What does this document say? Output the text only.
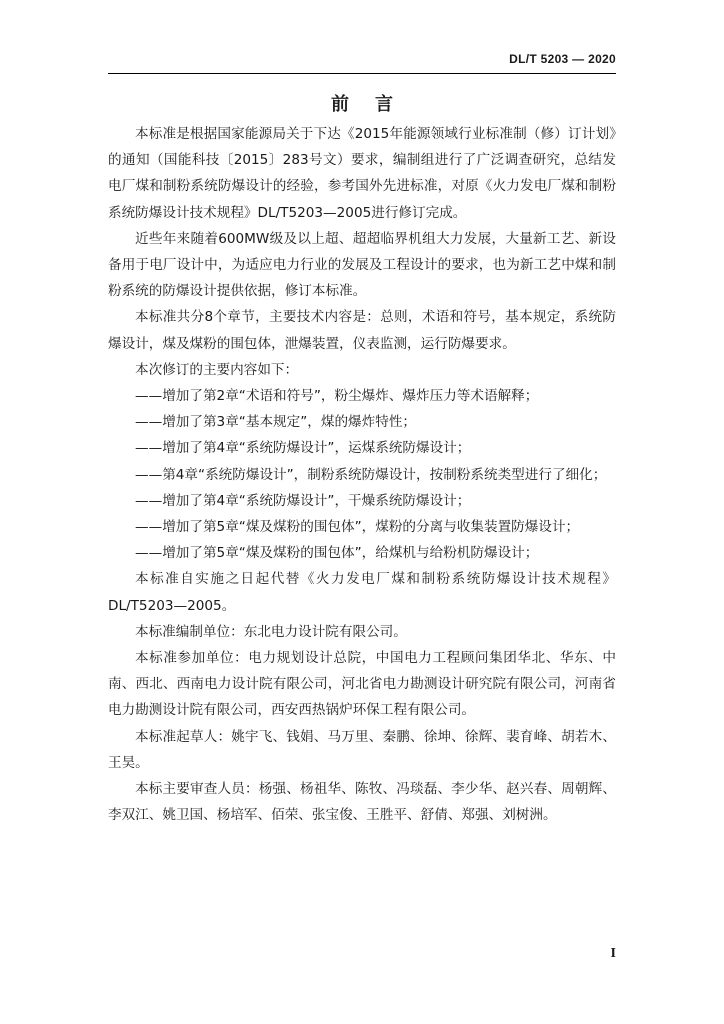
DL/T 5203 — 2020
前 言

本标准是根据国家能源局关于下达《2015年能源领域行业标准制（修）订计划》的通知（国能科技〔2015〕283号文）要求，编制组进行了广泛调查研究，总结发电厂煤和制粉系统防爆设计的经验，参考国外先进标准，对原《火力发电厂煤和制粉系统防爆设计技术规程》DL/T5203—2005进行修订完成。

近些年来随着600MW级及以上超、超超临界机组大力发展，大量新工艺、新设备用于电厂设计中，为适应电力行业的发展及工程设计的要求，也为新工艺中煤和制粉系统的防爆设计提供依据，修订本标准。

本标准共分8个章节，主要技术内容是：总则，术语和符号，基本规定，系统防爆设计，煤及煤粉的围包体，泄爆装置，仪表监测，运行防爆要求。

本次修订的主要内容如下：

——增加了第2章“术语和符号”，粉尘爆炸、爆炸压力等术语解释；

——增加了第3章“基本规定”，煤的爆炸特性；

——增加了第4章“系统防爆设计”，运煤系统防爆设计；

——第4章“系统防爆设计”，制粉系统防爆设计，按制粉系统类型进行了细化；

——增加了第4章“系统防爆设计”，干燥系统防爆设计；

——增加了第5章“煤及煤粉的围包体”，煤粉的分离与收集装置防爆设计；

——增加了第5章“煤及煤粉的围包体”，给煤机与给粉机防爆设计；

本标准自实施之日起代替《火力发电厂煤和制粉系统防爆设计技术规程》DL/T5203—2005。

本标准编制单位：东北电力设计院有限公司。

本标准参加单位：电力规划设计总院，中国电力工程顾问集团华北、华东、中南、西北、西南电力设计院有限公司，河北省电力勘测设计研究院有限公司，河南省电力勘测设计院有限公司，西安西热锅炉环保工程有限公司。

本标准起草人：姚宇飞、钱娟、马万里、秦鹏、徐坤、徐辉、裴育峰、胡若木、王昊。

本标主要审查人员：杨强、杨祖华、陈牧、冯琰磊、李少华、赵兴春、周朝辉、李双江、姚卫国、杨培军、佰荣、张宝俊、王胜平、舒倩、郑强、刘树洲。

I
